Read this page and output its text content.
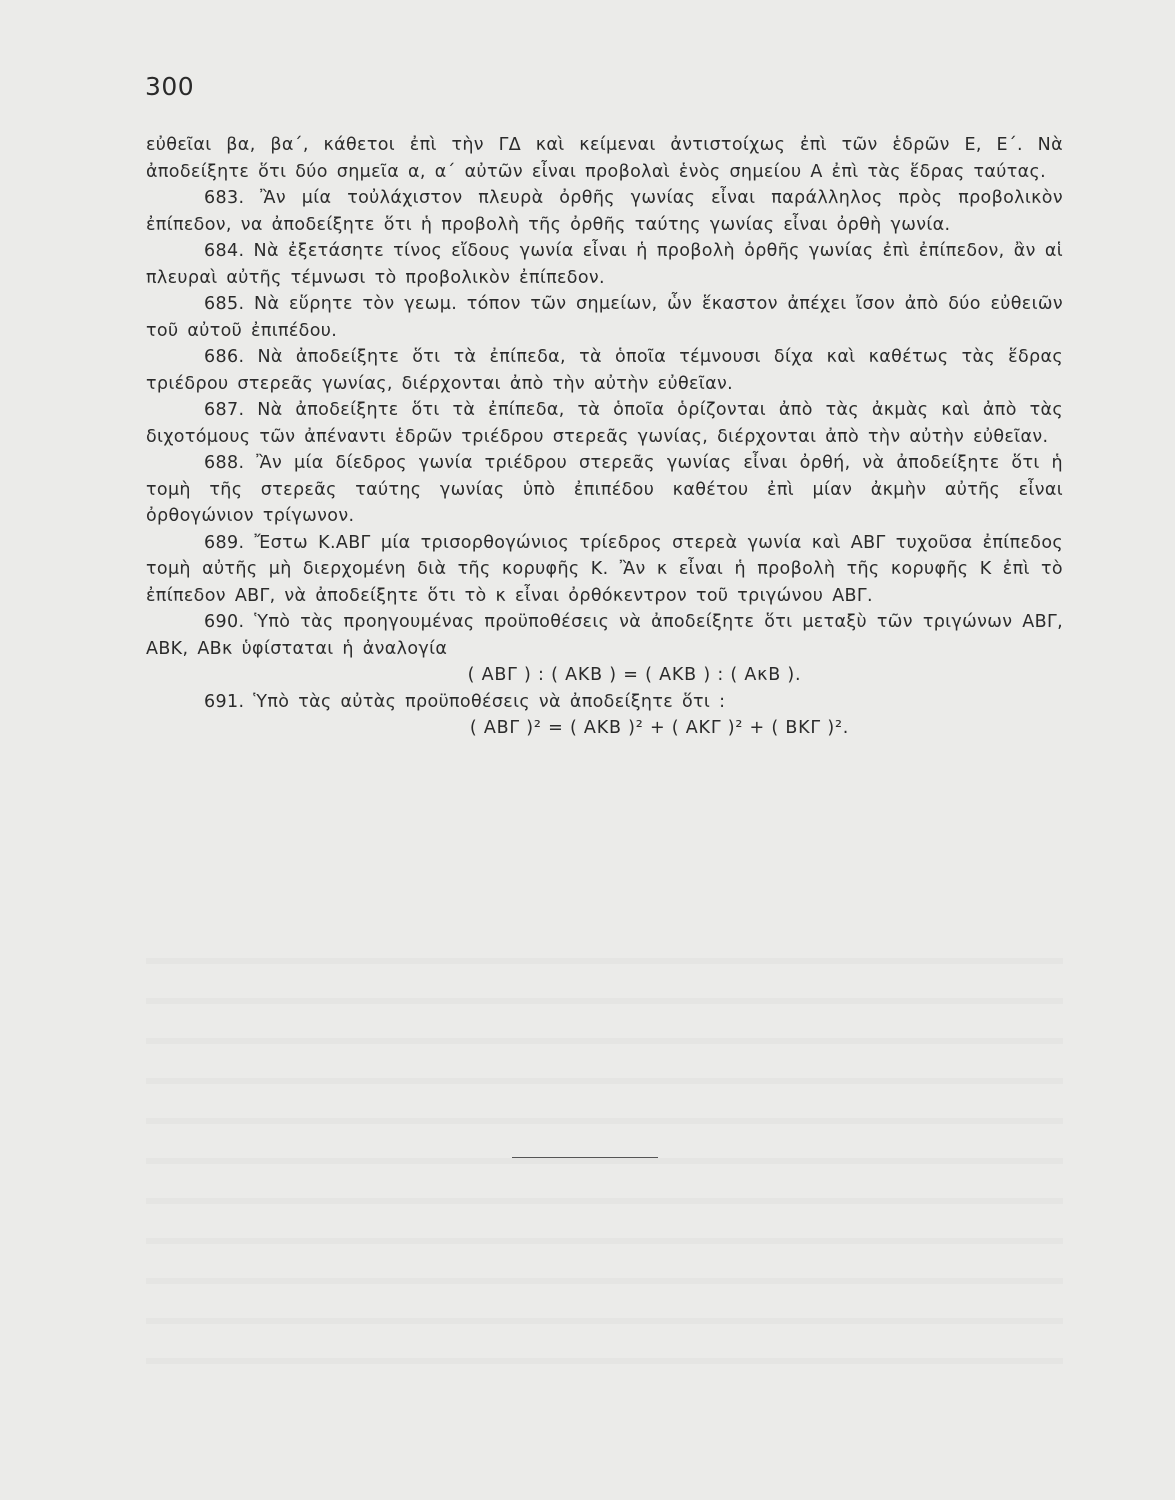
300

εὐθεῖαι βα, βα΄, κάθετοι ἐπὶ τὴν ΓΔ καὶ κείμεναι ἀντιστοίχως ἐπὶ τῶν ἑδρῶν Ε, Ε΄. Νὰ ἀποδείξητε ὅτι δύο σημεῖα α, α΄ αὐτῶν εἶναι προβολαὶ ἑνὸς σημείου Α ἐπὶ τὰς ἕδρας ταύτας.

683. Ἂν μία τοὐλάχιστον πλευρὰ ὀρθῆς γωνίας εἶναι παράλληλος πρὸς προβολικὸν ἐπίπεδον, να ἀποδείξητε ὅτι ἡ προβολὴ τῆς ὀρθῆς ταύτης γωνίας εἶναι ὀρθὴ γωνία.

684. Νὰ ἐξετάσητε τίνος εἴδους γωνία εἶναι ἡ προβολὴ ὀρθῆς γωνίας ἐπὶ ἐπίπεδον, ἂν αἱ πλευραὶ αὐτῆς τέμνωσι τὸ προβολικὸν ἐπίπεδον.

685. Νὰ εὕρητε τὸν γεωμ. τόπον τῶν σημείων, ὧν ἕκαστον ἀπέχει ἴσον ἀπὸ δύο εὐθειῶν τοῦ αὐτοῦ ἐπιπέδου.

686. Νὰ ἀποδείξητε ὅτι τὰ ἐπίπεδα, τὰ ὁποῖα τέμνουσι δίχα καὶ καθέτως τὰς ἕδρας τριέδρου στερεᾶς γωνίας, διέρχονται ἀπὸ τὴν αὐτὴν εὐθεῖαν.

687. Νὰ ἀποδείξητε ὅτι τὰ ἐπίπεδα, τὰ ὁποῖα ὁρίζονται ἀπὸ τὰς ἀκμὰς καὶ ἀπὸ τὰς διχοτόμους τῶν ἀπέναντι ἑδρῶν τριέδρου στερεᾶς γωνίας, διέρχονται ἀπὸ τὴν αὐτὴν εὐθεῖαν.

688. Ἂν μία δίεδρος γωνία τριέδρου στερεᾶς γωνίας εἶναι ὀρθή, νὰ ἀποδείξητε ὅτι ἡ τομὴ τῆς στερεᾶς ταύτης γωνίας ὑπὸ ἐπιπέδου καθέτου ἐπὶ μίαν ἀκμὴν αὐτῆς εἶναι ὀρθογώνιον τρίγωνον.

689. Ἔστω Κ.ΑΒΓ μία τρισορθογώνιος τρίεδρος στερεὰ γωνία καὶ ΑΒΓ τυχοῦσα ἐπίπεδος τομὴ αὐτῆς μὴ διερχομένη διὰ τῆς κορυφῆς Κ. Ἂν κ εἶναι ἡ προβολὴ τῆς κορυφῆς Κ ἐπὶ τὸ ἐπίπεδον ΑΒΓ, νὰ ἀποδείξητε ὅτι τὸ κ εἶναι ὀρθόκεντρον τοῦ τριγώνου ΑΒΓ.

690. Ὑπὸ τὰς προηγουμένας προϋποθέσεις νὰ ἀποδείξητε ὅτι μεταξὺ τῶν τριγώνων ΑΒΓ, ΑΒΚ, ΑΒκ ὑφίσταται ἡ ἀναλογία

( ΑΒΓ ) : ( ΑΚΒ ) = ( ΑΚΒ ) : ( ΑκΒ ).

691. Ὑπὸ τὰς αὐτὰς προϋποθέσεις νὰ ἀποδείξητε ὅτι :

( ΑΒΓ )² = ( ΑΚΒ )² + ( ΑΚΓ )² + ( ΒΚΓ )².
